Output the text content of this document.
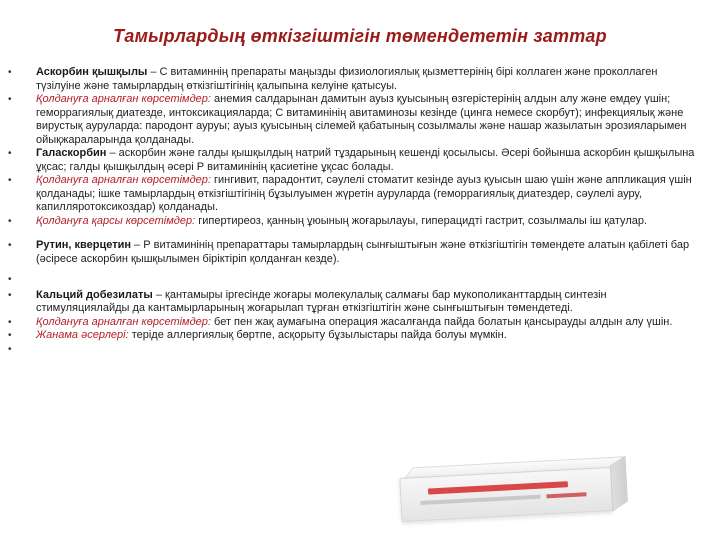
Тамырлардың өткізгіштігін төмендететін заттар

• Аскорбин қышқылы – С витаминнің препараты маңызды физиологиялық қызметтерінің бірі коллаген және проколлаген түзілуіне және тамырлардың өткізгіштігінің қалыпына келуіне қатысуы.

• Қолдануға арналған көрсетімдер: анемия салдарынан дамитын ауыз қуысының өзгерістерінің алдын алу және емдеу үшін; геморрагиялық диатезде, интоксикацияларда; С витаминінің авитаминозы кезінде (цинга немесе скорбут); инфекциялық және вирустық ауруларда: пародонт ауруы; ауыз қуысының сілемей қабатының созылмалы және нашар жазылатын эрозияларымен ойықжараларында қолданады.

• Галаскорбин – аскорбин және галды қышқылдың натрий тұздарының кешенді қосылысы. Әсері бойынша аскорбин қышқылына ұқсас; галды қышқылдың әсері Р витаминінің қасиетіне ұқсас болады.

• Қолдануға арналған көрсетімдер: гингивит, парадонтит, сәулелі стоматит кезінде ауыз қуысын шаю үшін және аппликация үшін қолданады; ішке тамырлардың өткізгіштігінің бұзылуымен жүретін ауруларда (геморрагиялық диатездер, сәулелі ауру, капилляротоксикоздар) қолданады.

• Қолдануға қарсы көрсетімдер: гипертиреоз, қанның ұюының жоғарылауы, гиперацидті гастрит, созылмалы іш қатулар.

• Рутин, кверцетин – Р витаминінің препараттары тамырлардың сынғыштығын және өткізгіштігін төмендете алатын қабілеті бар (әсіресе аскорбин қышқылымен біріктіріп қолданған кезде).

•

• Кальций добезилаты – қантамыры іргесінде жоғары молекулалық салмағы бар мукополиканттардың синтезін стимуляциялайды да кантамырларының жоғарылап тұрған өткізгіштігін және сынғыштығын төмендетеді.

• Қолдануға арналған көрсетімдер: бет пен жақ аумағына операция жасалғанда пайда болатын қансырауды алдын алу үшін.

• Жанама әсерлері: теріде аллергиялық бөртпе, асқорыту бұзылыстары пайда болуы мүмкін.

•
